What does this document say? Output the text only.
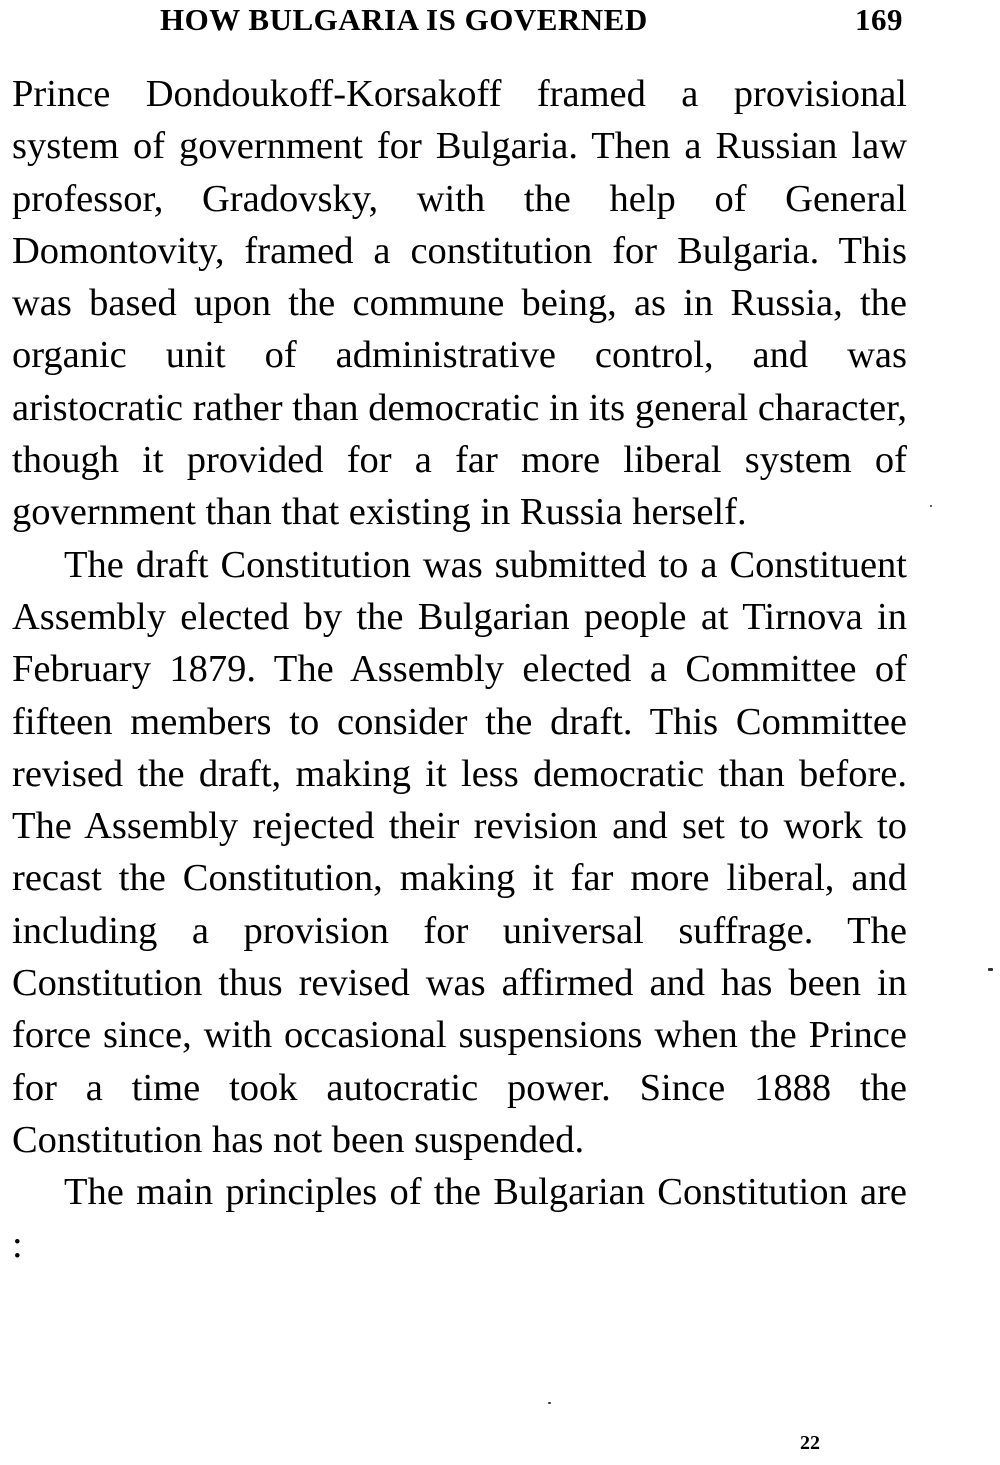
HOW BULGARIA IS GOVERNED	169

Prince Dondoukoff-Korsakoff framed a provisional system of government for Bulgaria. Then a Russian law professor, Gradovsky, with the help of General Domontovity, framed a constitution for Bulgaria. This was based upon the commune being, as in Russia, the organic unit of administrative control, and was aristocratic rather than democratic in its general character, though it provided for a far more liberal system of government than that existing in Russia herself.

The draft Constitution was submitted to a Constituent Assembly elected by the Bulgarian people at Tirnova in February 1879. The Assembly elected a Committee of fifteen members to consider the draft. This Committee revised the draft, making it less democratic than before. The Assembly rejected their revision and set to work to recast the Constitution, making it far more liberal, and including a provision for universal suffrage. The Constitution thus revised was affirmed and has been in force since, with occasional suspensions when the Prince for a time took autocratic power. Since 1888 the Constitution has not been suspended.

The main principles of the Bulgarian Constitution are :

22
